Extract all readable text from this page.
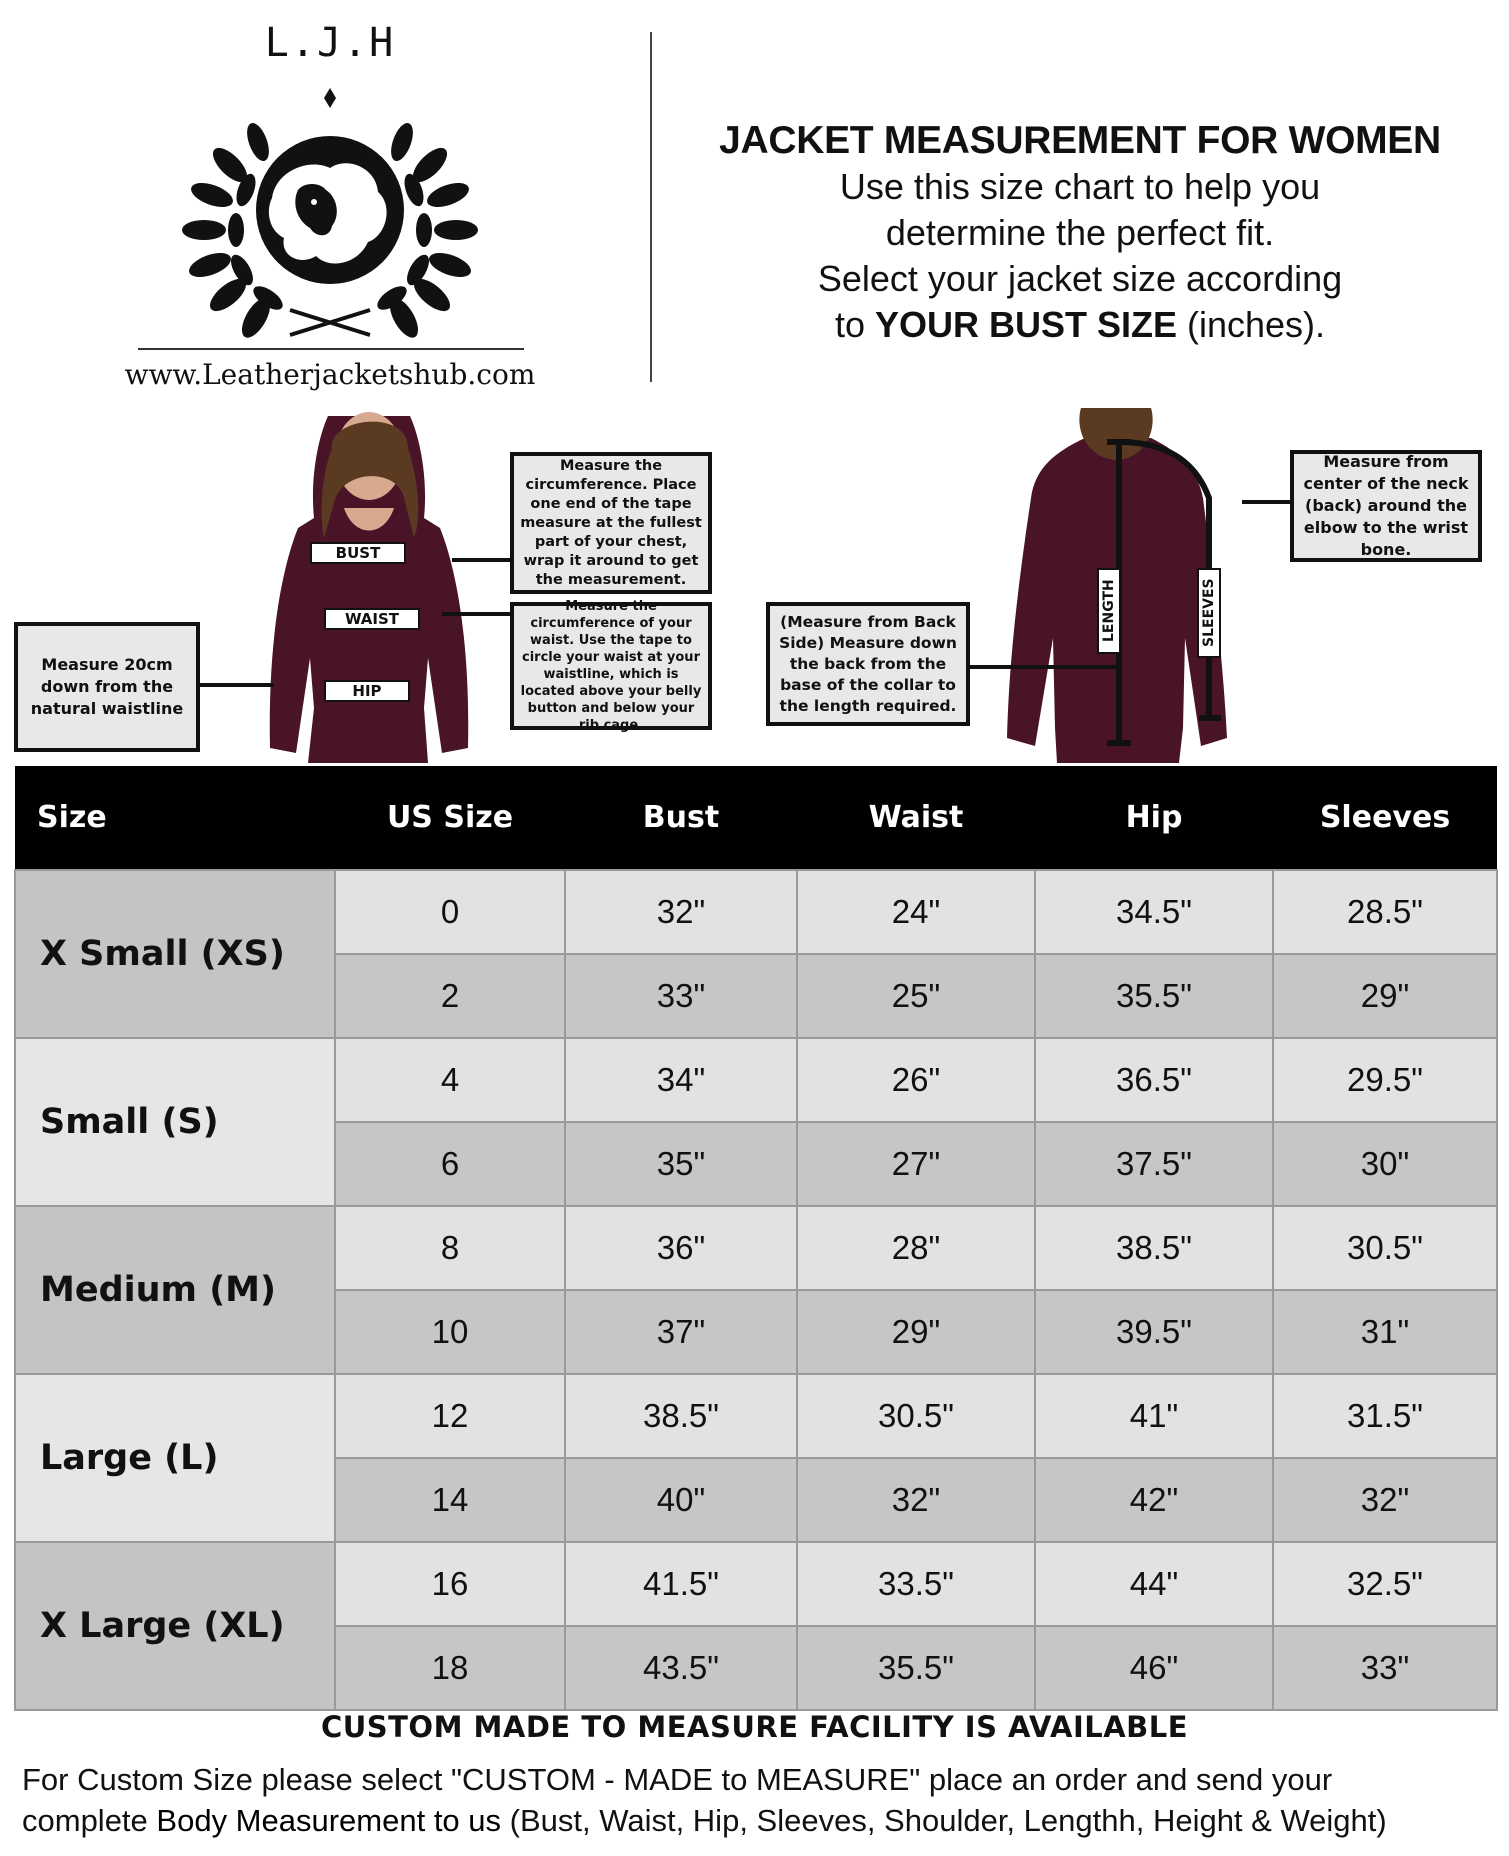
L.J.H
www.Leatherjacketshub.com
JACKET MEASUREMENT FOR WOMEN
Use this size chart to help you
determine the perfect fit.
Select your jacket size according
to YOUR BUST SIZE (inches).
BUST
WAIST
HIP
Measure the circumference. Place one end of the tape measure at the fullest part of your chest, wrap it around to get the measurement.
Measure the circumference of your waist. Use the tape to circle your waist at your waistline, which is located above your belly button and below your rib cage.
Measure 20cm down from the natural waistline
LENGTH	SLEEVES
(Measure from Back Side) Measure down the back from the base of the collar to the length required.
Measure from center of the neck (back) around the elbow to the wrist bone.
Size	US Size	Bust	Waist	Hip	Sleeves
X Small (XS)	0	32"	24"	34.5"	28.5"
	2	33"	25"	35.5"	29"
Small (S)	4	34"	26"	36.5"	29.5"
	6	35"	27"	37.5"	30"
Medium (M)	8	36"	28"	38.5"	30.5"
	10	37"	29"	39.5"	31"
Large (L)	12	38.5"	30.5"	41"	31.5"
	14	40"	32"	42"	32"
X Large (XL)	16	41.5"	33.5"	44"	32.5"
	18	43.5"	35.5"	46"	33"
CUSTOM MADE TO MEASURE FACILITY IS AVAILABLE
For Custom Size please select "CUSTOM - MADE to MEASURE" place an order and send your
complete Body Measurement to us (Bust, Waist, Hip, Sleeves, Shoulder, Lengthh, Height & Weight)
